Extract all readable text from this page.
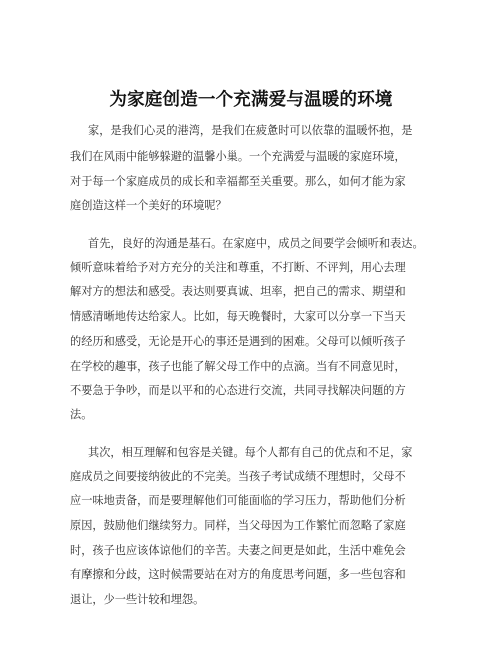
为家庭创造一个充满爱与温暖的环境
家，是我们心灵的港湾，是我们在疲惫时可以依靠的温暖怀抱，是
我们在风雨中能够躲避的温馨小巢。一个充满爱与温暖的家庭环境，
对于每一个家庭成员的成长和幸福都至关重要。那么，如何才能为家
庭创造这样一个美好的环境呢？
首先，良好的沟通是基石。在家庭中，成员之间要学会倾听和表达。
倾听意味着给予对方充分的关注和尊重，不打断、不评判，用心去理
解对方的想法和感受。表达则要真诚、坦率，把自己的需求、期望和
情感清晰地传达给家人。比如，每天晚餐时，大家可以分享一下当天
的经历和感受，无论是开心的事还是遇到的困难。父母可以倾听孩子
在学校的趣事，孩子也能了解父母工作中的点滴。当有不同意见时，
不要急于争吵，而是以平和的心态进行交流，共同寻找解决问题的方
法。
其次，相互理解和包容是关键。每个人都有自己的优点和不足，家
庭成员之间要接纳彼此的不完美。当孩子考试成绩不理想时，父母不
应一味地责备，而是要理解他们可能面临的学习压力，帮助他们分析
原因，鼓励他们继续努力。同样，当父母因为工作繁忙而忽略了家庭
时，孩子也应该体谅他们的辛苦。夫妻之间更是如此，生活中难免会
有摩擦和分歧，这时候需要站在对方的角度思考问题，多一些包容和
退让，少一些计较和埋怨。
